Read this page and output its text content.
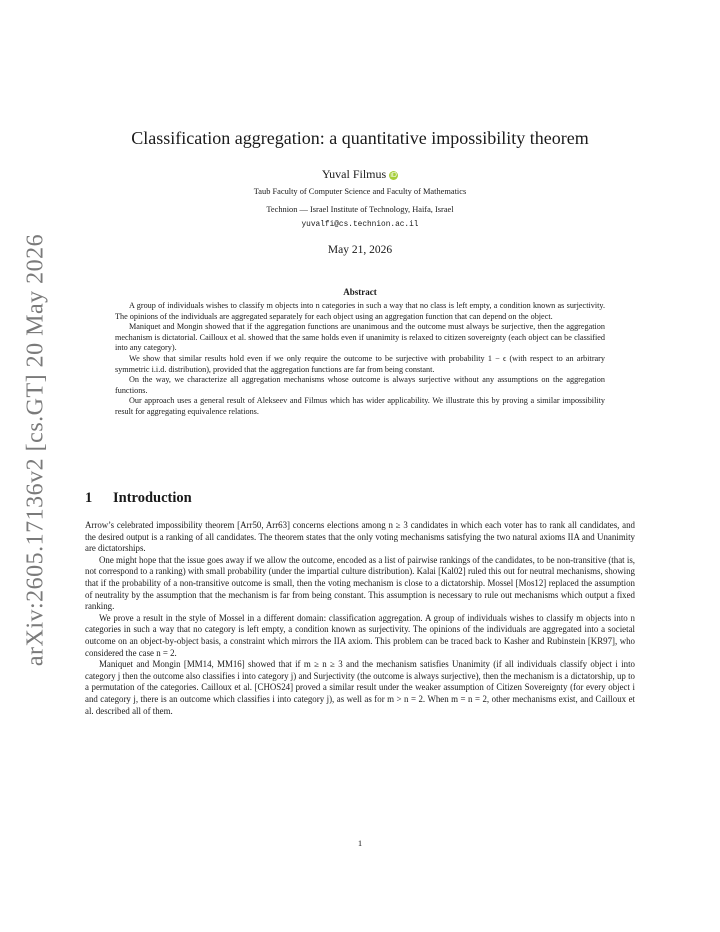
arXiv:2605.17136v2 [cs.GT] 20 May 2026
Classification aggregation: a quantitative impossibility theorem
Yuval Filmus iD
Taub Faculty of Computer Science and Faculty of Mathematics
Technion — Israel Institute of Technology, Haifa, Israel
yuvalfi@cs.technion.ac.il
May 21, 2026
Abstract

A group of individuals wishes to classify m objects into n categories in such a way that no class is left empty, a condition known as surjectivity. The opinions of the individuals are aggregated separately for each object using an aggregation function that can depend on the object.

Maniquet and Mongin showed that if the aggregation functions are unanimous and the outcome must always be surjective, then the aggregation mechanism is dictatorial. Cailloux et al. showed that the same holds even if unanimity is relaxed to citizen sovereignty (each object can be classified into any category).

We show that similar results hold even if we only require the outcome to be surjective with probability 1 − ϵ (with respect to an arbitrary symmetric i.i.d. distribution), provided that the aggregation functions are far from being constant.

On the way, we characterize all aggregation mechanisms whose outcome is always surjective without any assumptions on the aggregation functions.

Our approach uses a general result of Alekseev and Filmus which has wider applicability. We illustrate this by proving a similar impossibility result for aggregating equivalence relations.

1 Introduction

Arrow’s celebrated impossibility theorem [Arr50, Arr63] concerns elections among n ≥ 3 candidates in which each voter has to rank all candidates, and the desired output is a ranking of all candidates. The theorem states that the only voting mechanisms satisfying the two natural axioms IIA and Unanimity are dictatorships.

One might hope that the issue goes away if we allow the outcome, encoded as a list of pairwise rankings of the candidates, to be non-transitive (that is, not correspond to a ranking) with small probability (under the impartial culture distribution). Kalai [Kal02] ruled this out for neutral mechanisms, showing that if the probability of a non-transitive outcome is small, then the voting mechanism is close to a dictatorship. Mossel [Mos12] replaced the assumption of neutrality by the assumption that the mechanism is far from being constant. This assumption is necessary to rule out mechanisms which output a fixed ranking.

We prove a result in the style of Mossel in a different domain: classification aggregation. A group of individuals wishes to classify m objects into n categories in such a way that no category is left empty, a condition known as surjectivity. The opinions of the individuals are aggregated into a societal outcome on an object-by-object basis, a constraint which mirrors the IIA axiom. This problem can be traced back to Kasher and Rubinstein [KR97], who considered the case n = 2.

Maniquet and Mongin [MM14, MM16] showed that if m ≥ n ≥ 3 and the mechanism satisfies Unanimity (if all individuals classify object i into category j then the outcome also classifies i into category j) and Surjectivity (the outcome is always surjective), then the mechanism is a dictatorship, up to a permutation of the categories. Cailloux et al. [CHOS24] proved a similar result under the weaker assumption of Citizen Sovereignty (for every object i and category j, there is an outcome which classifies i into category j), as well as for m > n = 2. When m = n = 2, other mechanisms exist, and Cailloux et al. described all of them.

1
